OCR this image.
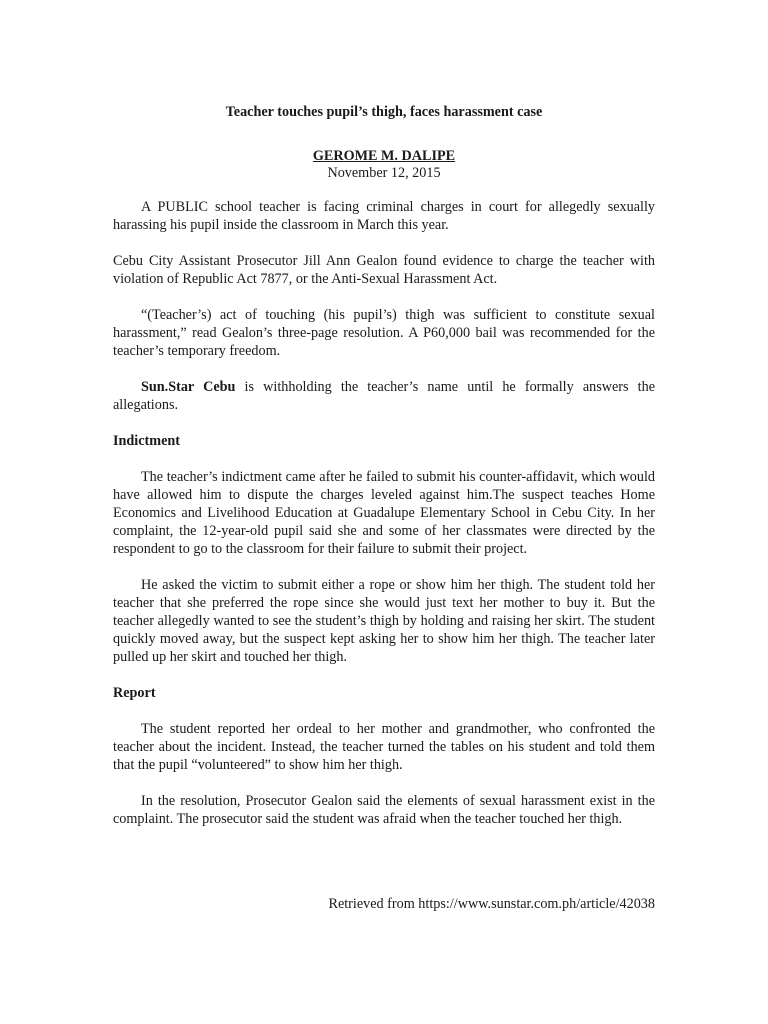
Teacher touches pupil’s thigh, faces harassment case
GEROME M. DALIPE
November 12, 2015

A PUBLIC school teacher is facing criminal charges in court for allegedly sexually harassing his pupil inside the classroom in March this year.

Cebu City Assistant Prosecutor Jill Ann Gealon found evidence to charge the teacher with violation of Republic Act 7877, or the Anti-Sexual Harassment Act.

“(Teacher’s) act of touching (his pupil’s) thigh was sufficient to constitute sexual harassment,” read Gealon’s three-page resolution. A P60,000 bail was recommended for the teacher’s temporary freedom.

Sun.Star Cebu is withholding the teacher’s name until he formally answers the allegations.

Indictment

The teacher’s indictment came after he failed to submit his counter-affidavit, which would have allowed him to dispute the charges leveled against him.The suspect teaches Home Economics and Livelihood Education at Guadalupe Elementary School in Cebu City. In her complaint, the 12-year-old pupil said she and some of her classmates were directed by the respondent to go to the classroom for their failure to submit their project.

He asked the victim to submit either a rope or show him her thigh. The student told her teacher that she preferred the rope since she would just text her mother to buy it. But the teacher allegedly wanted to see the student’s thigh by holding and raising her skirt. The student quickly moved away, but the suspect kept asking her to show him her thigh. The teacher later pulled up her skirt and touched her thigh.

Report

The student reported her ordeal to her mother and grandmother, who confronted the teacher about the incident. Instead, the teacher turned the tables on his student and told them that the pupil “volunteered” to show him her thigh.

In the resolution, Prosecutor Gealon said the elements of sexual harassment exist in the complaint. The prosecutor said the student was afraid when the teacher touched her thigh.

Retrieved from https://www.sunstar.com.ph/article/42038
